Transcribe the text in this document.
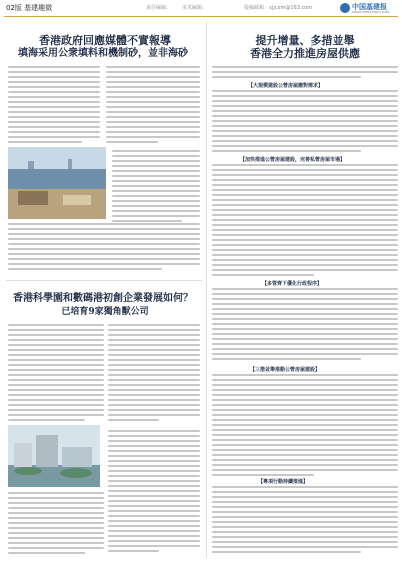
02版 基建趣微	责任编辑： 美术编辑：	投稿邮箱：xjjcxm@163.com	中国基建报
CHINA INFRASTRUCTURE
香港政府回應媒體不實報導
填海采用公衆填料和機制砂，並非海砂
香港科學園和數碼港初創企業發展如何？
已培育9家獨角獸公司
提升增量、多措並舉
香港全力推進房屋供應
【大規模建設公營房屋應對需求】
【加快推進公營房屋建設，完善私營房屋市場】
【多管齊下優化行政程序】
【三措並舉推動公營房屋建設】
【專項行動持續推進】
